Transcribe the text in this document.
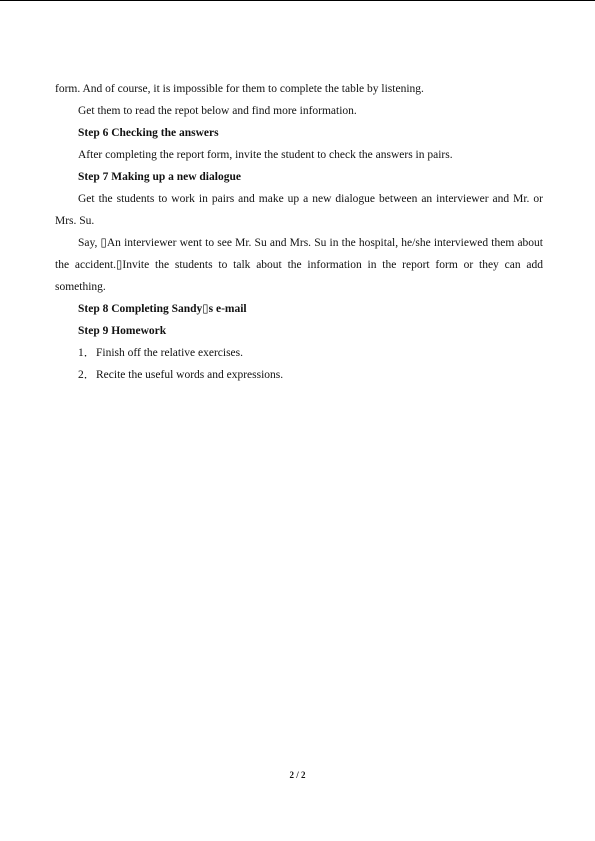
form. And of course, it is impossible for them to complete the table by listening.

Get them to read the repot below and find more information.

Step 6 Checking the answers

After completing the report form, invite the student to check the answers in pairs.

Step 7 Making up a new dialogue

Get the students to work in pairs and make up a new dialogue between an interviewer and Mr. or Mrs. Su.

Say, ▯An interviewer went to see Mr. Su and Mrs. Su in the hospital, he/she interviewed them about the accident.▯Invite the students to talk about the information in the report form or they can add something.

Step 8 Completing Sandy▯s e-mail

Step 9 Homework

1．Finish off the relative exercises.

2．Recite the useful words and expressions.

2 / 2
